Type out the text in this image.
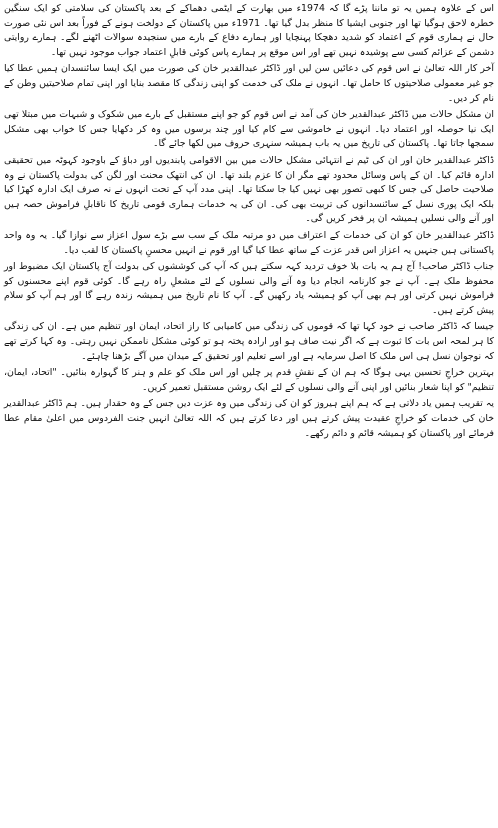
اس کے علاوہ ہمیں یہ تو ماننا پڑے گا کہ 1974ء میں بھارت کے ایٹمی دھماکے کے بعد پاکستان کی سلامتی کو ایک سنگین خطرہ لاحق ہوگیا تھا اور جنوبی ایشیا کا منظر بدل گیا تھا۔ 1971ء میں پاکستان کے دولخت ہونے کے فوراً بعد اس نئی صورت حال نے ہماری قوم کے اعتماد کو شدید دھچکا پہنچایا اور ہمارے دفاع کے بارے میں سنجیدہ سوالات اٹھنے لگے۔ ہمارے روایتی دشمن کے عزائم کسی سے پوشیدہ نہیں تھے اور اس موقع پر ہمارے پاس کوئی قابلِ اعتماد جواب موجود نہیں تھا۔

آخر کار اللہ تعالیٰ نے اس قوم کی دعائیں سن لیں اور ڈاکٹر عبدالقدیر خان کی صورت میں ایک ایسا سائنسدان ہمیں عطا کیا جو غیر معمولی صلاحیتوں کا حامل تھا۔ انہوں نے ملک کی خدمت کو اپنی زندگی کا مقصد بنایا اور اپنی تمام صلاحیتیں وطن کے نام کر دیں۔

ان مشکل حالات میں ڈاکٹر عبدالقدیر خان کی آمد نے اس قوم کو جو اپنے مستقبل کے بارے میں شکوک و شبہات میں مبتلا تھی ایک نیا حوصلہ اور اعتماد دیا۔ انہوں نے خاموشی سے کام کیا اور چند برسوں میں وہ کر دکھایا جس کا خواب بھی مشکل سمجھا جاتا تھا۔ پاکستان کی تاریخ میں یہ باب ہمیشہ سنہری حروف میں لکھا جائے گا۔

ڈاکٹر عبدالقدیر خان اور ان کی ٹیم نے انتہائی مشکل حالات میں بین الاقوامی پابندیوں اور دباؤ کے باوجود کہوٹہ میں تحقیقی ادارہ قائم کیا۔ ان کے پاس وسائل محدود تھے مگر ان کا عزم بلند تھا۔ ان کی انتھک محنت اور لگن کی بدولت پاکستان نے وہ صلاحیت حاصل کی جس کا کبھی تصور بھی نہیں کیا جا سکتا تھا۔ اپنی مدد آپ کے تحت انہوں نے نہ صرف ایک ادارہ کھڑا کیا بلکہ ایک پوری نسل کے سائنسدانوں کی تربیت بھی کی۔ ان کی یہ خدمات ہماری قومی تاریخ کا ناقابلِ فراموش حصہ ہیں اور آنے والی نسلیں ہمیشہ ان پر فخر کریں گی۔

ڈاکٹر عبدالقدیر خان کو ان کی خدمات کے اعتراف میں دو مرتبہ ملک کے سب سے بڑے سول اعزاز سے نوازا گیا۔ یہ وہ واحد پاکستانی ہیں جنہیں یہ اعزاز اس قدر عزت کے ساتھ عطا کیا گیا اور قوم نے انہیں محسنِ پاکستان کا لقب دیا۔

جناب ڈاکٹر صاحب! آج ہم یہ بات بلا خوف تردید کہہ سکتے ہیں کہ آپ کی کوششوں کی بدولت آج پاکستان ایک مضبوط اور محفوظ ملک ہے۔ آپ نے جو کارنامہ انجام دیا وہ آنے والی نسلوں کے لئے مشعلِ راہ رہے گا۔ کوئی قوم اپنے محسنوں کو فراموش نہیں کرتی اور ہم بھی آپ کو ہمیشہ یاد رکھیں گے۔ آپ کا نام تاریخ میں ہمیشہ زندہ رہے گا اور ہم آپ کو سلام پیش کرتے ہیں۔

جیسا کہ ڈاکٹر صاحب نے خود کہا تھا کہ قوموں کی زندگی میں کامیابی کا راز اتحاد، ایمان اور تنظیم میں ہے۔ ان کی زندگی کا ہر لمحہ اس بات کا ثبوت ہے کہ اگر نیت صاف ہو اور ارادہ پختہ ہو تو کوئی مشکل ناممکن نہیں رہتی۔ وہ کہا کرتے تھے کہ نوجوان نسل ہی اس ملک کا اصل سرمایہ ہے اور اسے تعلیم اور تحقیق کے میدان میں آگے بڑھنا چاہئے۔

بہترین خراجِ تحسین یہی ہوگا کہ ہم ان کے نقشِ قدم پر چلیں اور اس ملک کو علم و ہنر کا گہوارہ بنائیں۔ "اتحاد، ایمان، تنظیم" کو اپنا شعار بنائیں اور اپنی آنے والی نسلوں کے لئے ایک روشن مستقبل تعمیر کریں۔

یہ تقریب ہمیں یاد دلاتی ہے کہ ہم اپنے ہیروز کو ان کی زندگی میں وہ عزت دیں جس کے وہ حقدار ہیں۔ ہم ڈاکٹر عبدالقدیر خان کی خدمات کو خراجِ عقیدت پیش کرتے ہیں اور دعا کرتے ہیں کہ اللہ تعالیٰ انہیں جنت الفردوس میں اعلیٰ مقام عطا فرمائے اور پاکستان کو ہمیشہ قائم و دائم رکھے۔
